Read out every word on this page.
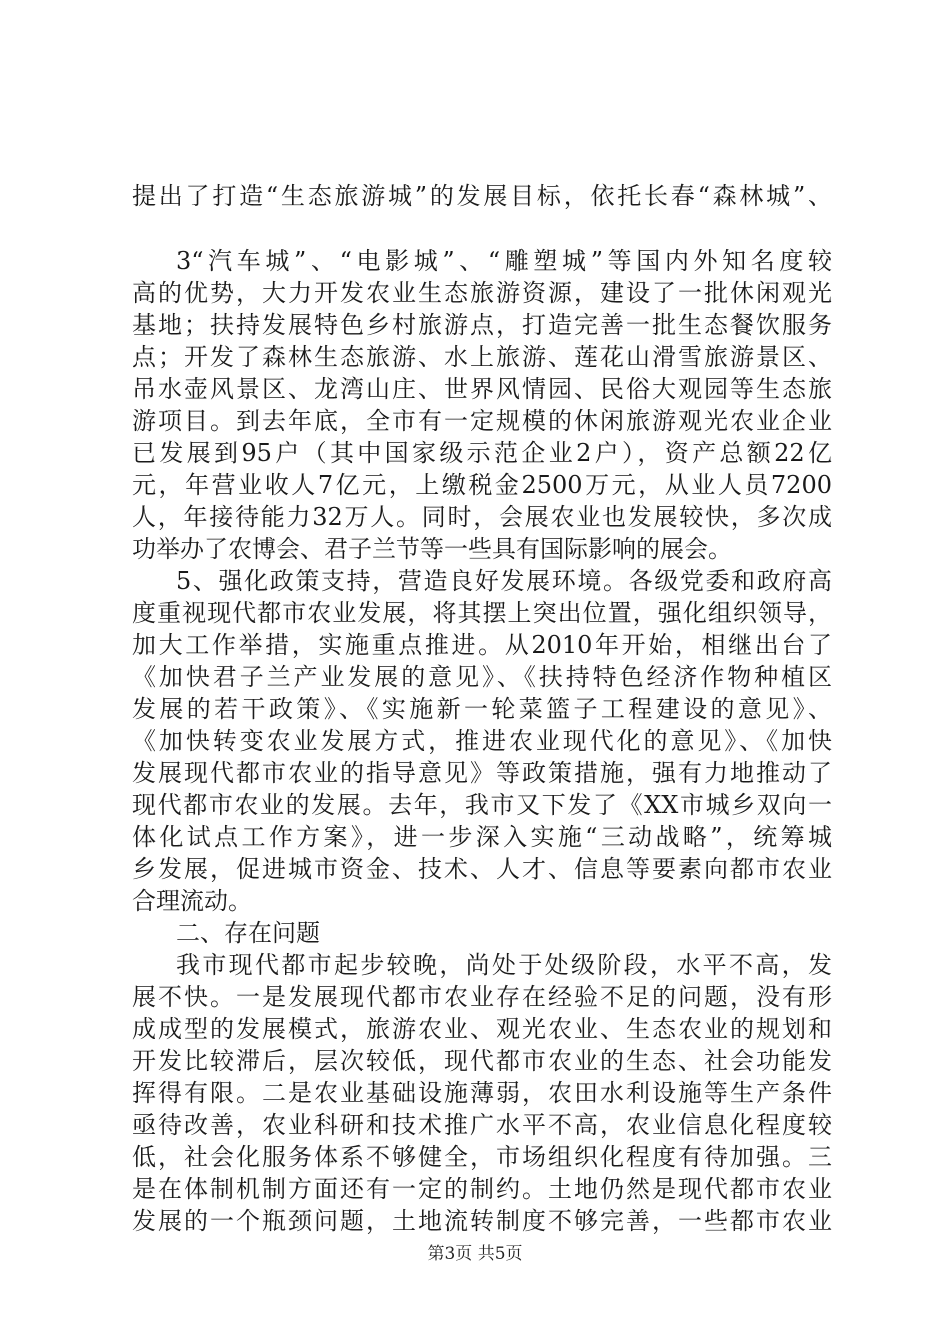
提出了打造“生态旅游城”的发展目标，依托长春“森林城”、
3“汽车城”、“电影城”、“雕塑城”等国内外知名度较
高的优势，大力开发农业生态旅游资源，建设了一批休闲观光
基地；扶持发展特色乡村旅游点，打造完善一批生态餐饮服务
点；开发了森林生态旅游、水上旅游、莲花山滑雪旅游景区、
吊水壶风景区、龙湾山庄、世界风情园、民俗大观园等生态旅
游项目。到去年底，全市有一定规模的休闲旅游观光农业企业
已发展到95户（其中国家级示范企业2户），资产总额22亿
元，年营业收人7亿元，上缴税金2500万元，从业人员7200
人，年接待能力32万人。同时，会展农业也发展较快，多次成
功举办了农博会、君子兰节等一些具有国际影响的展会。
5、强化政策支持，营造良好发展环境。各级党委和政府高
度重视现代都市农业发展，将其摆上突出位置，强化组织领导，
加大工作举措，实施重点推进。从2010年开始，相继出台了
《加快君子兰产业发展的意见》、《扶持特色经济作物种植区
发展的若干政策》、《实施新一轮菜篮子工程建设的意见》、
《加快转变农业发展方式，推进农业现代化的意见》、《加快
发展现代都市农业的指导意见》等政策措施，强有力地推动了
现代都市农业的发展。去年，我市又下发了《XX市城乡双向一
体化试点工作方案》，进一步深入实施“三动战略”，统筹城
乡发展，促进城市资金、技术、人才、信息等要素向都市农业
合理流动。
二、存在问题
我市现代都市起步较晚，尚处于处级阶段，水平不高，发
展不快。一是发展现代都市农业存在经验不足的问题，没有形
成成型的发展模式，旅游农业、观光农业、生态农业的规划和
开发比较滞后，层次较低，现代都市农业的生态、社会功能发
挥得有限。二是农业基础设施薄弱，农田水利设施等生产条件
亟待改善，农业科研和技术推广水平不高，农业信息化程度较
低，社会化服务体系不够健全，市场组织化程度有待加强。三
是在体制机制方面还有一定的制约。土地仍然是现代都市农业
发展的一个瓶颈问题，土地流转制度不够完善，一些都市农业
第3页 共5页
